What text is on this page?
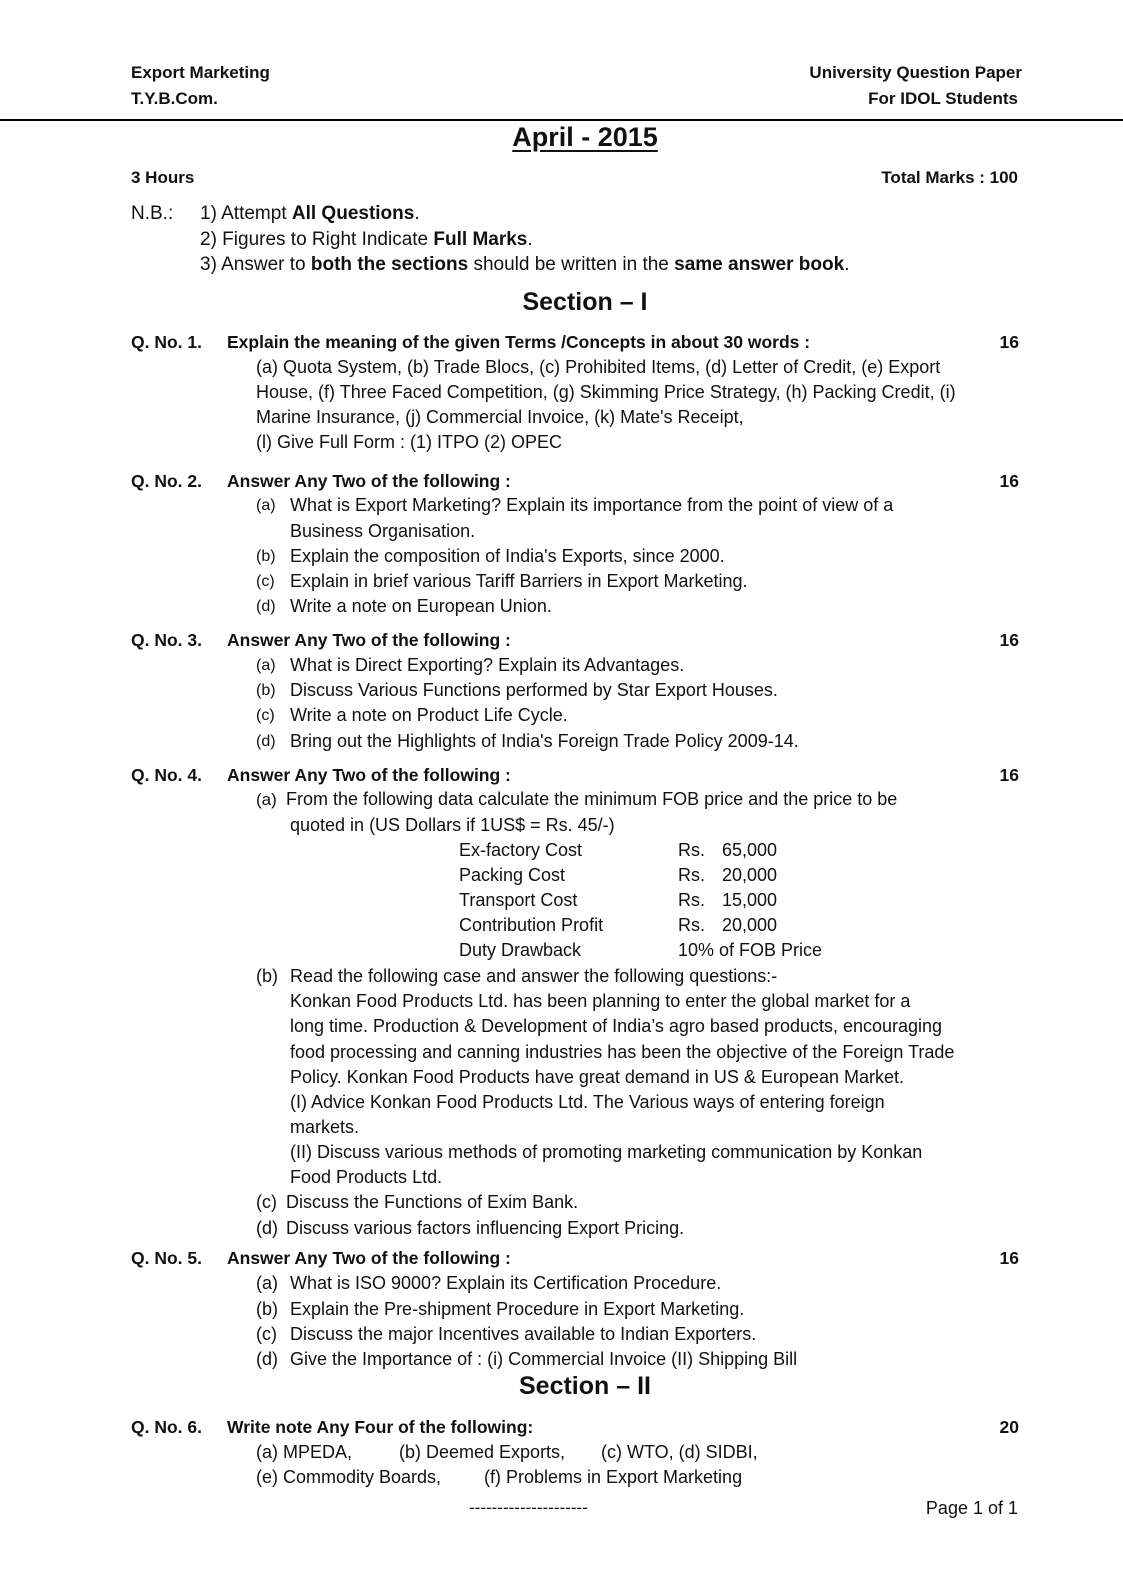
Export Marketing
T.Y.B.Com.
University Question Paper
For IDOL Students
April - 2015
3 Hours	Total Marks : 100
N.B.: 1) Attempt All Questions.
2) Figures to Right Indicate Full Marks.
3) Answer to both the sections should be written in the same answer book.
Section – I
Q. No. 1. Explain the meaning of the given Terms /Concepts in about 30 words :	16
(a) Quota System, (b) Trade Blocs, (c) Prohibited Items, (d) Letter of Credit, (e) Export
House, (f) Three Faced Competition, (g) Skimming Price Strategy, (h) Packing Credit, (i)
Marine Insurance, (j) Commercial Invoice, (k) Mate's Receipt,
(l) Give Full Form : (1) ITPO (2) OPEC
Q. No. 2. Answer Any Two of the following :	16
(a) What is Export Marketing? Explain its importance from the point of view of a
Business Organisation.
(b) Explain the composition of India's Exports, since 2000.
(c) Explain in brief various Tariff Barriers in Export Marketing.
(d) Write a note on European Union.
Q. No. 3. Answer Any Two of the following :	16
(a) What is Direct Exporting? Explain its Advantages.
(b) Discuss Various Functions performed by Star Export Houses.
(c) Write a note on Product Life Cycle.
(d) Bring out the Highlights of India's Foreign Trade Policy 2009-14.
Q. No. 4. Answer Any Two of the following :	16
(a) From the following data calculate the minimum FOB price and the price to be
quoted in (US Dollars if 1US$ = Rs. 45/-)
Ex-factory Cost	Rs. 65,000
Packing Cost	Rs. 20,000
Transport Cost	Rs. 15,000
Contribution Profit	Rs. 20,000
Duty Drawback	10% of FOB Price
(b) Read the following case and answer the following questions:-
Konkan Food Products Ltd. has been planning to enter the global market for a
long time. Production & Development of India’s agro based products, encouraging
food processing and canning industries has been the objective of the Foreign Trade
Policy. Konkan Food Products have great demand in US & European Market.
(I) Advice Konkan Food Products Ltd. The Various ways of entering foreign
markets.
(II) Discuss various methods of promoting marketing communication by Konkan
Food Products Ltd.
(c) Discuss the Functions of Exim Bank.
(d) Discuss various factors influencing Export Pricing.
Q. No. 5. Answer Any Two of the following :	16
(a) What is ISO 9000? Explain its Certification Procedure.
(b) Explain the Pre-shipment Procedure in Export Marketing.
(c) Discuss the major Incentives available to Indian Exporters.
(d) Give the Importance of : (i) Commercial Invoice (II) Shipping Bill
Section – II
Q. No. 6. Write note Any Four of the following:	20
(a) MPEDA,	(b) Deemed Exports, (c) WTO, (d) SIDBI,
(e) Commodity Boards, (f) Problems in Export Marketing
---------------------	Page 1 of 1
